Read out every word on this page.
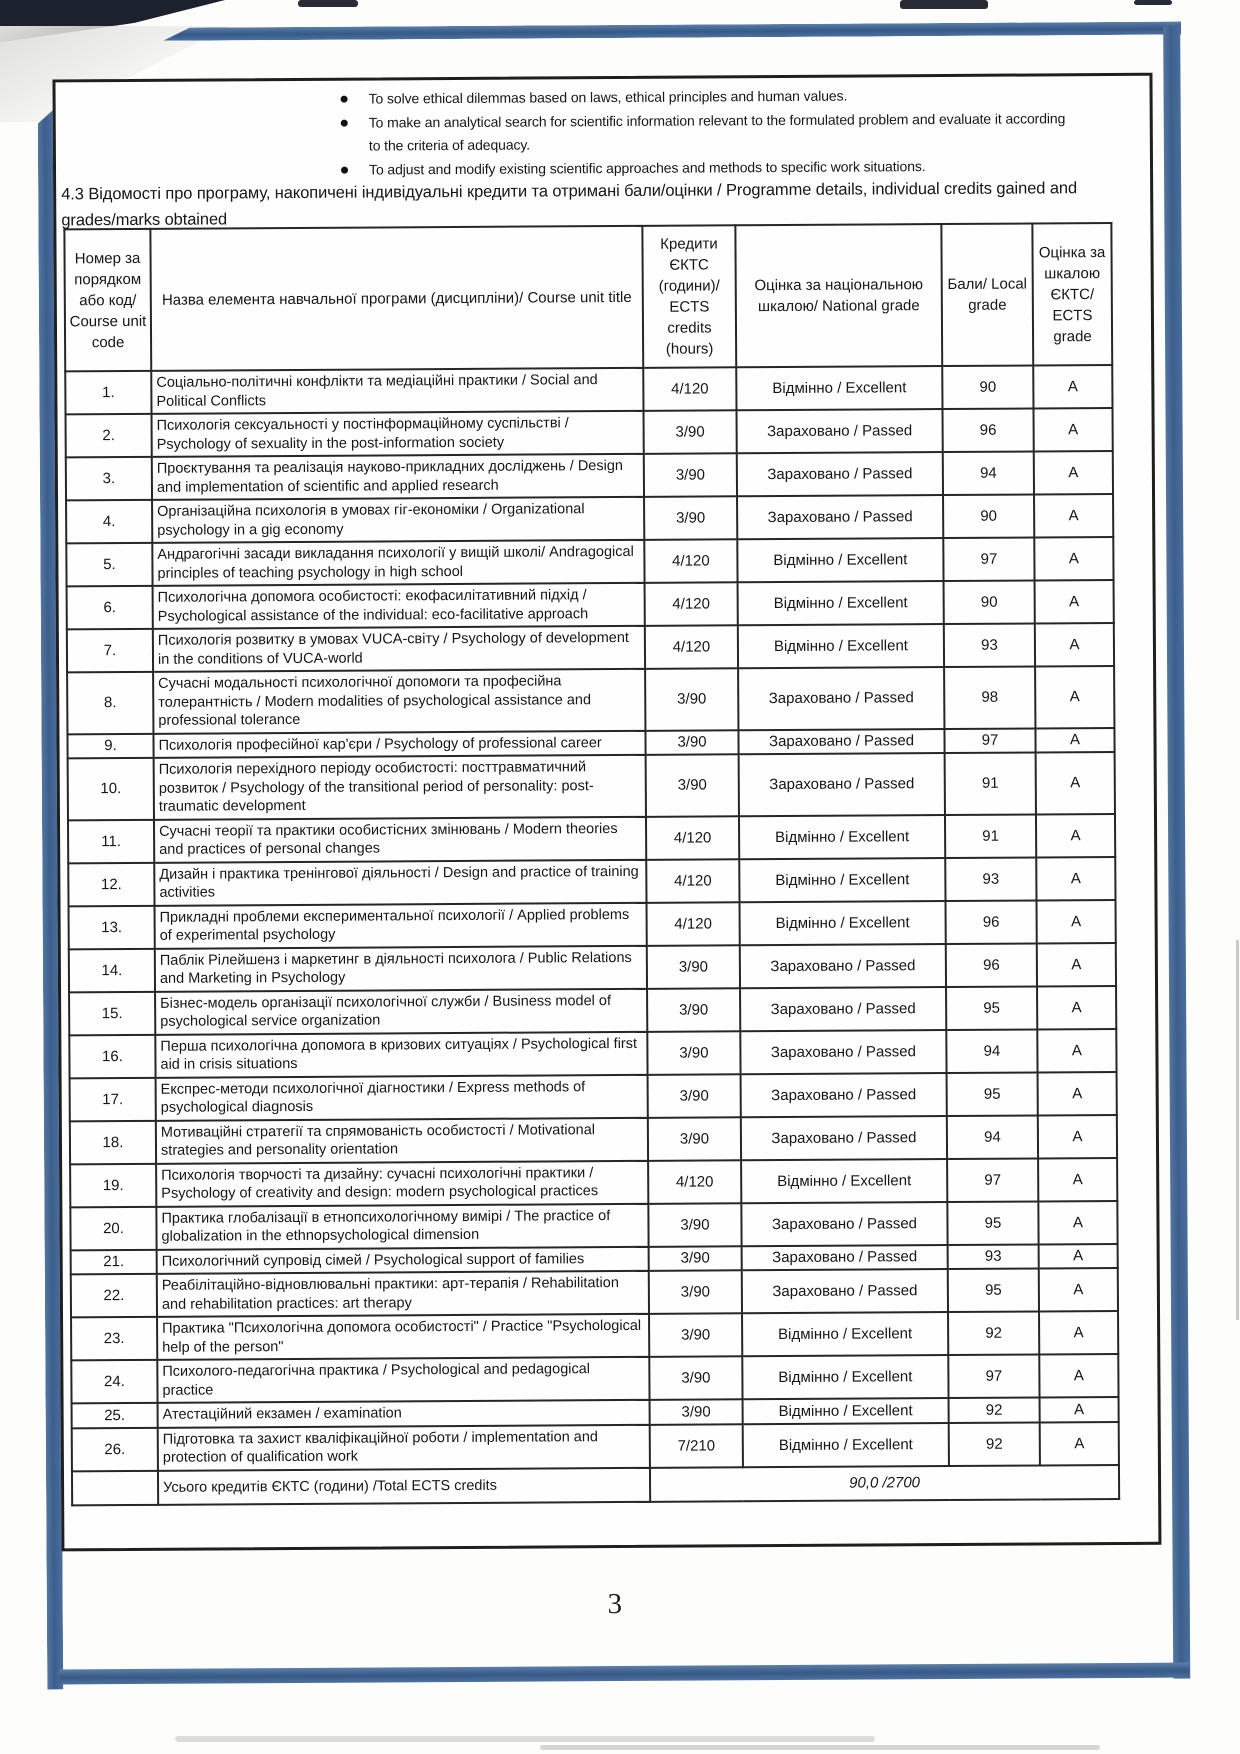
To solve ethical dilemmas based on laws, ethical principles and human values.
To make an analytical search for scientific information relevant to the formulated problem and evaluate it according to the criteria of adequacy.
To adjust and modify existing scientific approaches and methods to specific work situations.
4.3 Відомості про програму, накопичені індивідуальні кредити та отримані бали/оцінки / Programme details, individual credits gained and grades/marks obtained
Номер за порядком або код/ Course unit code	Назва елемента навчальної програми (дисципліни)/ Course unit title	Кредити ЄКТС (години)/ ECTS credits (hours)	Оцінка за національною шкалою/ National grade	Бали/ Local grade	Оцінка за шкалою ЄКТС/ ECTS grade
1.	Соціально-політичні конфлікти та медіаційні практики / Social and Political Conflicts	4/120	Відмінно / Excellent	90	A
2.	Психологія сексуальності у постінформаційному суспільстві / Psychology of sexuality in the post-information society	3/90	Зараховано / Passed	96	A
3.	Проєктування та реалізація науково-прикладних досліджень / Design and implementation of scientific and applied research	3/90	Зараховано / Passed	94	A
4.	Організаційна психологія в умовах гіг-економіки / Organizational psychology in a gig economy	3/90	Зараховано / Passed	90	A
5.	Андрагогічні засади викладання психології у вищій школі/ Andragogical principles of teaching psychology in high school	4/120	Відмінно / Excellent	97	A
6.	Психологічна допомога особистості: екофасилітативний підхід / Psychological assistance of the individual: eco-facilitative approach	4/120	Відмінно / Excellent	90	A
7.	Психологія розвитку в умовах VUCA-світу / Psychology of development in the conditions of VUCA-world	4/120	Відмінно / Excellent	93	A
8.	Сучасні модальності психологічної допомоги та професійна толерантність / Modern modalities of psychological assistance and professional tolerance	3/90	Зараховано / Passed	98	A
9.	Психологія професійної кар'єри / Psychology of professional career	3/90	Зараховано / Passed	97	A
10.	Психологія перехідного періоду особистості: посттравматичний розвиток / Psychology of the transitional period of personality: post-traumatic development	3/90	Зараховано / Passed	91	A
11.	Сучасні теорії та практики особистісних змінювань / Modern theories and practices of personal changes	4/120	Відмінно / Excellent	91	A
12.	Дизайн і практика тренінгової діяльності / Design and practice of training activities	4/120	Відмінно / Excellent	93	A
13.	Прикладні проблеми експериментальної психології / Applied problems of experimental psychology	4/120	Відмінно / Excellent	96	A
14.	Паблік Рілейшенз і маркетинг в діяльності психолога / Public Relations and Marketing in Psychology	3/90	Зараховано / Passed	96	A
15.	Бізнес-модель організації психологічної служби / Business model of psychological service organization	3/90	Зараховано / Passed	95	A
16.	Перша психологічна допомога в кризових ситуаціях / Psychological first aid in crisis situations	3/90	Зараховано / Passed	94	A
17.	Експрес-методи психологічної діагностики / Express methods of psychological diagnosis	3/90	Зараховано / Passed	95	A
18.	Мотиваційні стратегії та спрямованість особистості / Motivational strategies and personality orientation	3/90	Зараховано / Passed	94	A
19.	Психологія творчості та дизайну: сучасні психологічні практики / Psychology of creativity and design: modern psychological practices	4/120	Відмінно / Excellent	97	A
20.	Практика глобалізації в етнопсихологічному вимірі / The practice of globalization in the ethnopsychological dimension	3/90	Зараховано / Passed	95	A
21.	Психологічний супровід сімей / Psychological support of families	3/90	Зараховано / Passed	93	A
22.	Реабілітаційно-відновлювальні практики: арт-терапія / Rehabilitation and rehabilitation practices: art therapy	3/90	Зараховано / Passed	95	A
23.	Практика "Психологічна допомога особистості" / Practice "Psychological help of the person"	3/90	Відмінно / Excellent	92	A
24.	Психолого-педагогічна практика / Psychological and pedagogical practice	3/90	Відмінно / Excellent	97	A
25.	Атестаційний екзамен / examination	3/90	Відмінно / Excellent	92	A
26.	Підготовка та захист кваліфікаційної роботи / implementation and protection of qualification work	7/210	Відмінно / Excellent	92	A
	Усього кредитів ЄКТС (години) /Total ECTS credits	90,0 /2700			
3
